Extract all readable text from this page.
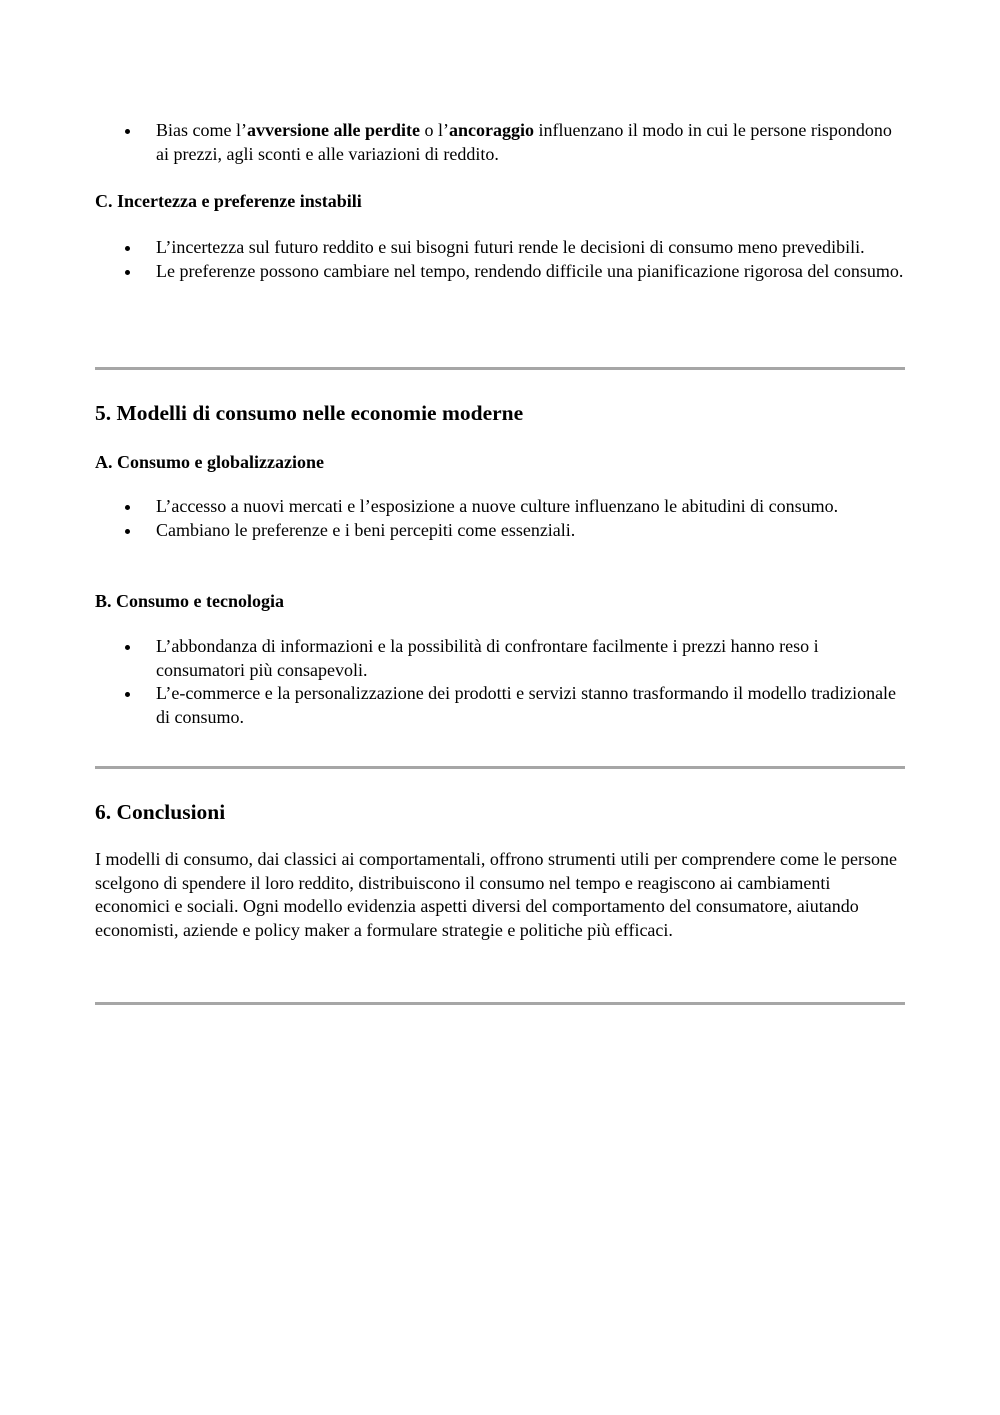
Bias come l’avversione alle perdite o l’ancoraggio influenzano il modo in cui le persone rispondono ai prezzi, agli sconti e alle variazioni di reddito.
C. Incertezza e preferenze instabili
L’incertezza sul futuro reddito e sui bisogni futuri rende le decisioni di consumo meno prevedibili.
Le preferenze possono cambiare nel tempo, rendendo difficile una pianificazione rigorosa del consumo.
5. Modelli di consumo nelle economie moderne
A. Consumo e globalizzazione
L’accesso a nuovi mercati e l’esposizione a nuove culture influenzano le abitudini di consumo.
Cambiano le preferenze e i beni percepiti come essenziali.
B. Consumo e tecnologia
L’abbondanza di informazioni e la possibilità di confrontare facilmente i prezzi hanno reso i consumatori più consapevoli.
L’e-commerce e la personalizzazione dei prodotti e servizi stanno trasformando il modello tradizionale di consumo.
6. Conclusioni

I modelli di consumo, dai classici ai comportamentali, offrono strumenti utili per comprendere come le persone scelgono di spendere il loro reddito, distribuiscono il consumo nel tempo e reagiscono ai cambiamenti economici e sociali. Ogni modello evidenzia aspetti diversi del comportamento del consumatore, aiutando economisti, aziende e policy maker a formulare strategie e politiche più efficaci.
